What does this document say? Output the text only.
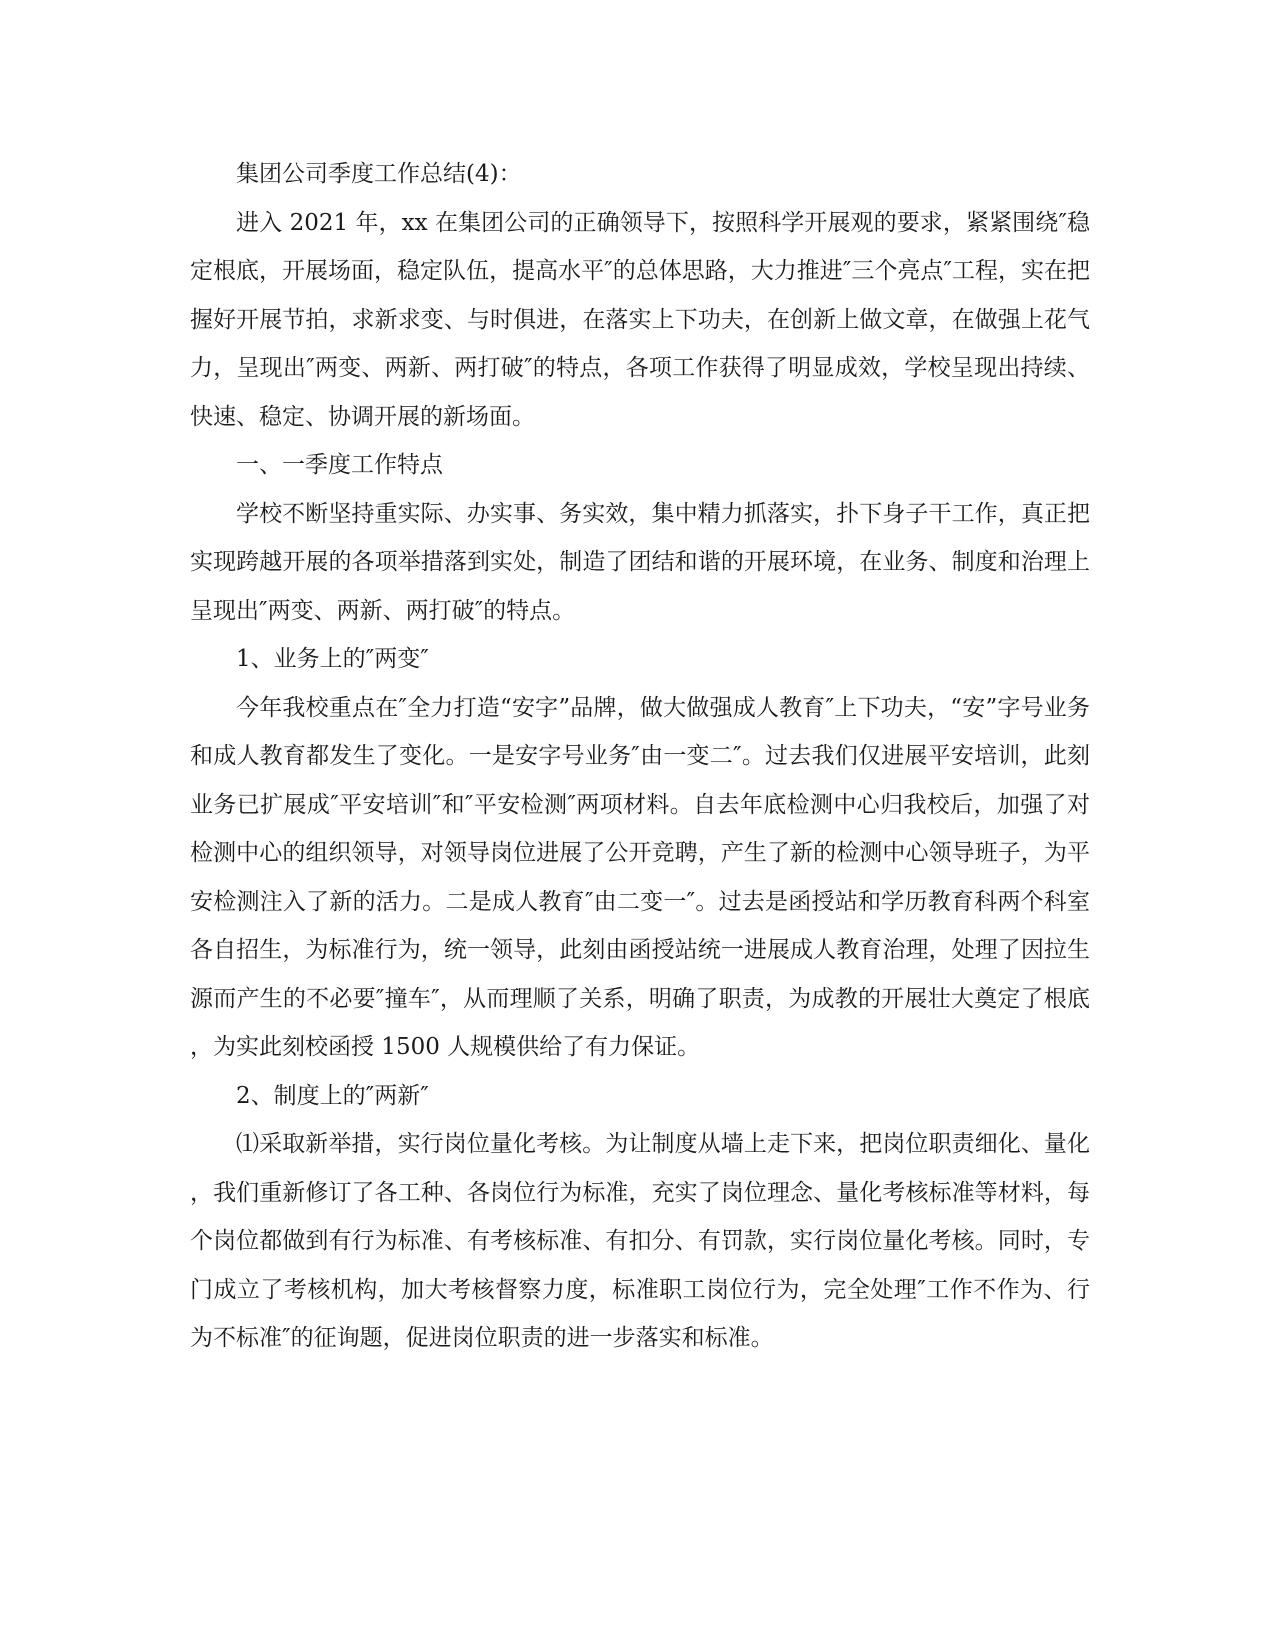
集团公司季度工作总结(4)：

进入 2021 年，xx 在集团公司的正确领导下，按照科学开展观的要求，紧紧围绕″稳定根底，开展场面，稳定队伍，提高水平″的总体思路，大力推进″三个亮点″工程，实在把握好开展节拍，求新求变、与时俱进，在落实上下功夫，在创新上做文章，在做强上花气力，呈现出″两变、两新、两打破″的特点，各项工作获得了明显成效，学校呈现出持续、快速、稳定、协调开展的新场面。

一、一季度工作特点

学校不断坚持重实际、办实事、务实效，集中精力抓落实，扑下身子干工作，真正把实现跨越开展的各项举措落到实处，制造了团结和谐的开展环境，在业务、制度和治理上呈现出″两变、两新、两打破″的特点。

1、业务上的″两变″

今年我校重点在″全力打造“安字”品牌，做大做强成人教育″上下功夫，“安”字号业务和成人教育都发生了变化。一是安字号业务″由一变二″。过去我们仅进展平安培训，此刻业务已扩展成″平安培训″和″平安检测″两项材料。自去年底检测中心归我校后，加强了对检测中心的组织领导，对领导岗位进展了公开竞聘，产生了新的检测中心领导班子，为平安检测注入了新的活力。二是成人教育″由二变一″。过去是函授站和学历教育科两个科室各自招生，为标准行为，统一领导，此刻由函授站统一进展成人教育治理，处理了因拉生源而产生的不必要″撞车″，从而理顺了关系，明确了职责，为成教的开展壮大奠定了根底，为实此刻校函授 1500 人规模供给了有力保证。

2、制度上的″两新″

⑴采取新举措，实行岗位量化考核。为让制度从墙上走下来，把岗位职责细化、量化，我们重新修订了各工种、各岗位行为标准，充实了岗位理念、量化考核标准等材料，每个岗位都做到有行为标准、有考核标准、有扣分、有罚款，实行岗位量化考核。同时，专门成立了考核机构，加大考核督察力度，标准职工岗位行为，完全处理″工作不作为、行为不标准″的征询题，促进岗位职责的进一步落实和标准。
